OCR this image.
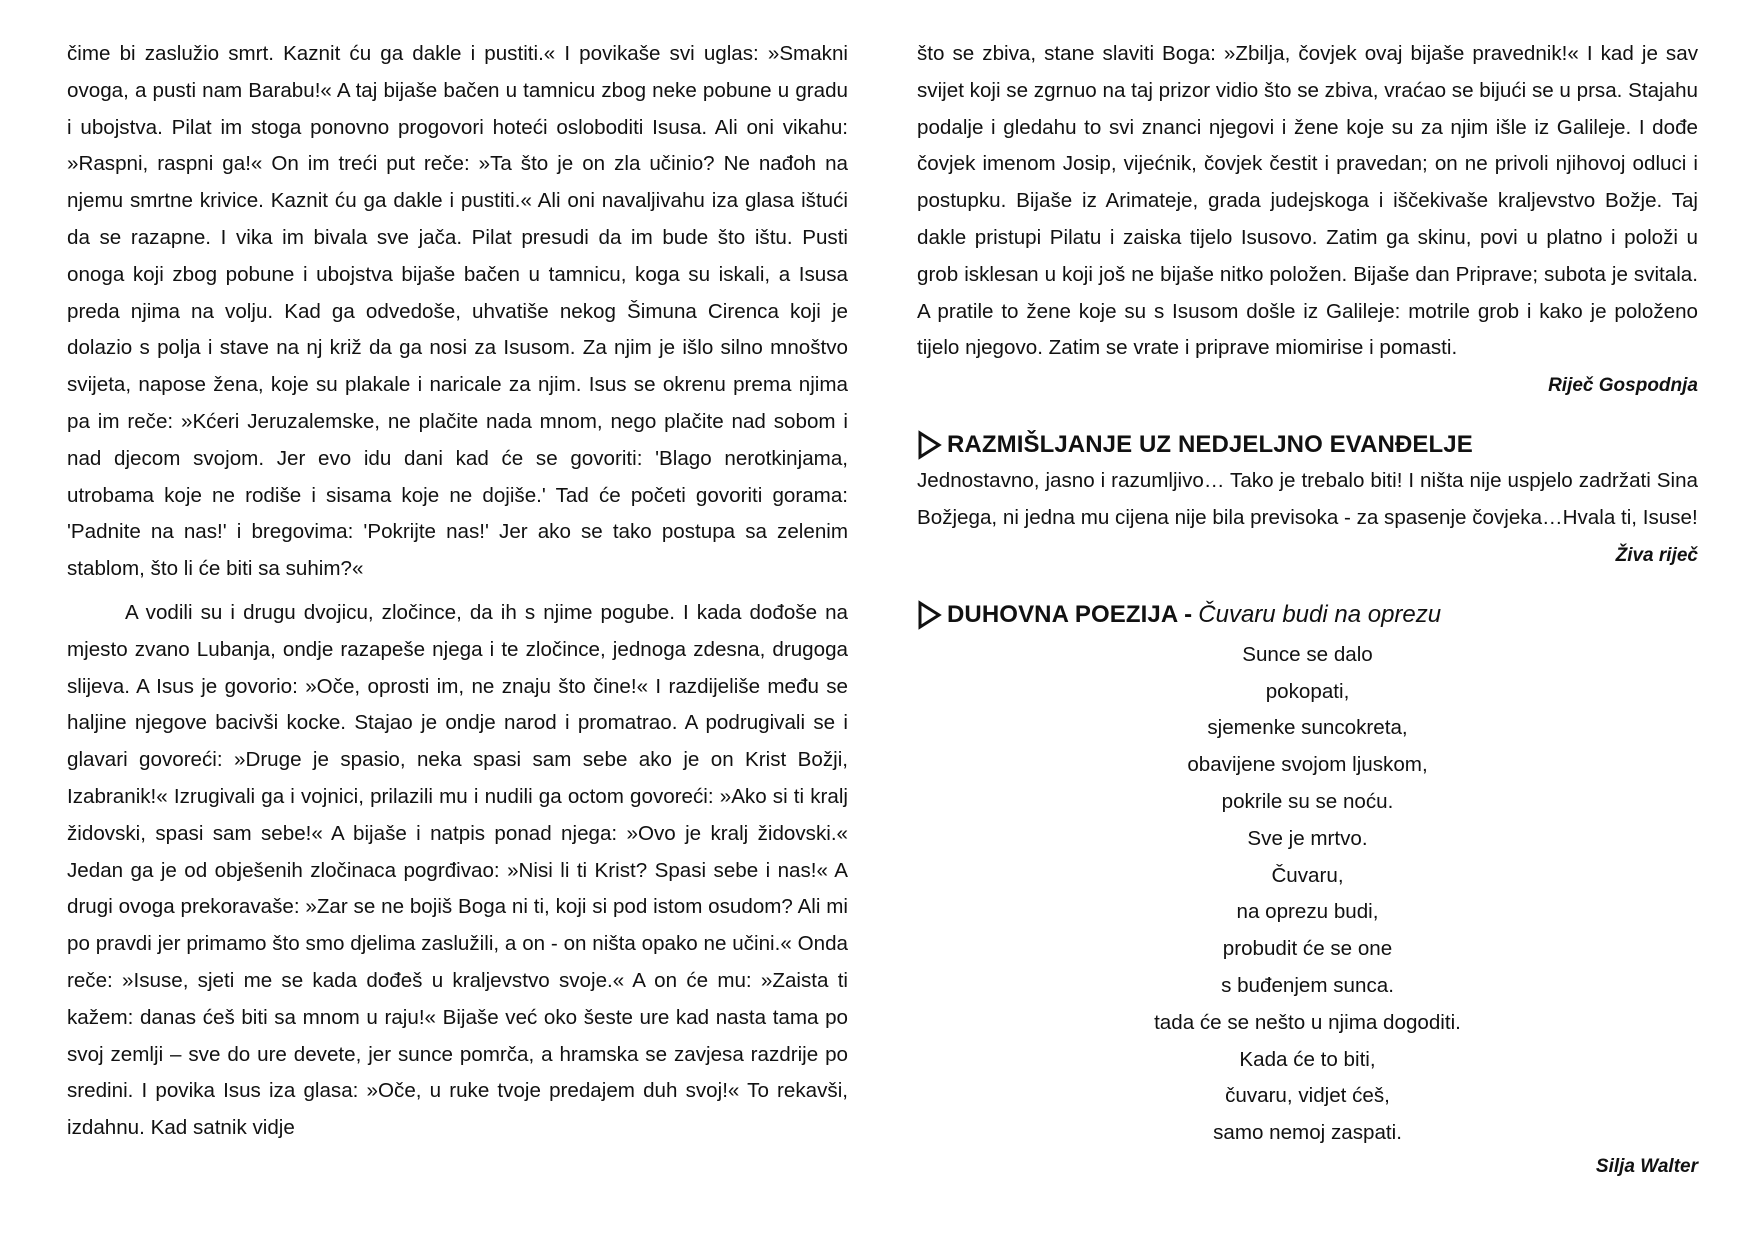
čime bi zaslužio smrt. Kaznit ću ga dakle i pustiti.« I povikaše svi uglas: »Smakni ovoga, a pusti nam Barabu!« A taj bijaše bačen u tamnicu zbog neke pobune u gradu i ubojstva. Pilat im stoga ponovno progovori hoteći osloboditi Isusa. Ali oni vikahu: »Raspni, raspni ga!« On im treći put reče: »Ta što je on zla učinio? Ne nađoh na njemu smrtne krivice. Kaznit ću ga dakle i pustiti.« Ali oni navaljivahu iza glasa ištući da se razapne. I vika im bivala sve jača. Pilat presudi da im bude što ištu. Pusti onoga koji zbog pobune i ubojstva bijaše bačen u tamnicu, koga su iskali, a Isusa preda njima na volju. Kad ga odvedoše, uhvatiše nekog Šimuna Cirenca koji je dolazio s polja i stave na nj križ da ga nosi za Isusom. Za njim je išlo silno mnoštvo svijeta, napose žena, koje su plakale i naricale za njim. Isus se okrenu prema njima pa im reče: »Kćeri Jeruzalemske, ne plačite nada mnom, nego plačite nad sobom i nad djecom svojom. Jer evo idu dani kad će se govoriti: 'Blago nerotkinjama, utrobama koje ne rodiše i sisama koje ne dojiše.' Tad će početi govoriti gorama: 'Padnite na nas!' i bregovima: 'Pokrijte nas!' Jer ako se tako postupa sa zelenim stablom, što li će biti sa suhim?«

A vodili su i drugu dvojicu, zločince, da ih s njime pogube. I kada dođoše na mjesto zvano Lubanja, ondje razapeše njega i te zločince, jednoga zdesna, drugoga slijeva. A Isus je govorio: »Oče, oprosti im, ne znaju što čine!« I razdijeliše među se haljine njegove bacivši kocke. Stajao je ondje narod i promatrao. A podrugivali se i glavari govoreći: »Druge je spasio, neka spasi sam sebe ako je on Krist Božji, Izabranik!« Izrugivali ga i vojnici, prilazili mu i nudili ga octom govoreći: »Ako si ti kralj židovski, spasi sam sebe!« A bijaše i natpis ponad njega: »Ovo je kralj židovski.« Jedan ga je od obješenih zločinaca pogrđivao: »Nisi li ti Krist? Spasi sebe i nas!« A drugi ovoga prekoravaše: »Zar se ne bojiš Boga ni ti, koji si pod istom osudom? Ali mi po pravdi jer primamo što smo djelima zaslužili, a on - on ništa opako ne učini.« Onda reče: »Isuse, sjeti me se kada dođeš u kraljevstvo svoje.« A on će mu: »Zaista ti kažem: danas ćeš biti sa mnom u raju!« Bijaše već oko šeste ure kad nasta tama po svoj zemlji – sve do ure devete, jer sunce pomrča, a hramska se zavjesa razdrije po sredini. I povika Isus iza glasa: »Oče, u ruke tvoje predajem duh svoj!« To rekavši, izdahnu. Kad satnik vidje

što se zbiva, stane slaviti Boga: »Zbilja, čovjek ovaj bijaše pravednik!« I kad je sav svijet koji se zgrnuo na taj prizor vidio što se zbiva, vraćao se bijući se u prsa. Stajahu podalje i gledahu to svi znanci njegovi i žene koje su za njim išle iz Galileje. I dođe čovjek imenom Josip, vijećnik, čovjek čestit i pravedan; on ne privoli njihovoj odluci i postupku. Bijaše iz Arimateje, grada judejskoga i iščekivaše kraljevstvo Božje. Taj dakle pristupi Pilatu i zaiska tijelo Isusovo. Zatim ga skinu, povi u platno i položi u grob isklesan u koji još ne bijaše nitko položen. Bijaše dan Priprave; subota je svitala. A pratile to žene koje su s Isusom došle iz Galileje: motrile grob i kako je položeno tijelo njegovo. Zatim se vrate i priprave miomirise i pomasti.

Riječ Gospodnja

RAZMIŠLJANJE UZ NEDJELJNO EVANĐELJE

Jednostavno, jasno i razumljivo… Tako je trebalo biti! I ništa nije uspjelo zadržati Sina Božjega, ni jedna mu cijena nije bila previsoka - za spasenje čovjeka…Hvala ti, Isuse!

Živa riječ

DUHOVNA POEZIJA - Čuvaru budi na oprezu
Sunce se dalo
pokopati,
sjemenke suncokreta,
obavijene svojom ljuskom,
pokrile su se noću.
Sve je mrtvo.
Čuvaru,
na oprezu budi,
probudit će se one
s buđenjem sunca.
tada će se nešto u njima dogoditi.
Kada će to biti,
čuvaru, vidjet ćeš,
samo nemoj zaspati.

Silja Walter
